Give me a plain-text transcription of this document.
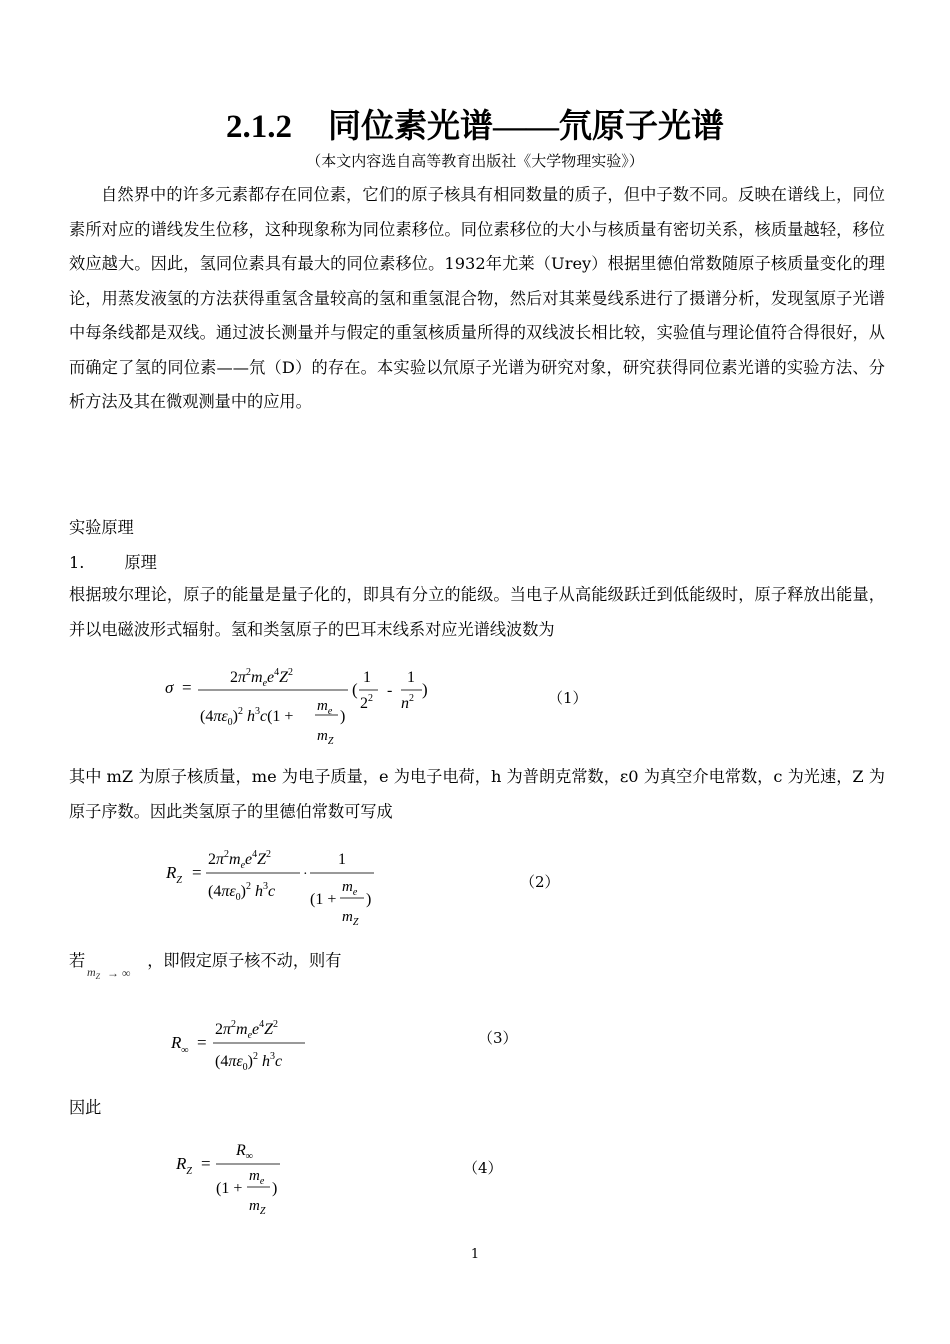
2.1.2 同位素光谱——氘原子光谱
（本文内容选自高等教育出版社《大学物理实验》）
自然界中的许多元素都存在同位素，它们的原子核具有相同数量的质子，但中子数不同。反映在谱线上，同位素所对应的谱线发生位移，这种现象称为同位素移位。同位素移位的大小与核质量有密切关系，核质量越轻，移位效应越大。因此，氢同位素具有最大的同位素移位。1932年尤莱（Urey）根据里德伯常数随原子核质量变化的理论，用蒸发液氢的方法获得重氢含量较高的氢和重氢混合物，然后对其莱曼线系进行了摄谱分析，发现氢原子光谱中每条线都是双线。通过波长测量并与假定的重氢核质量所得的双线波长相比较，实验值与理论值符合得很好，从而确定了氢的同位素——氘（D）的存在。本实验以氘原子光谱为研究对象，研究获得同位素光谱的实验方法、分析方法及其在微观测量中的应用。
实验原理
1. 原理
根据玻尔理论，原子的能量是量子化的，即具有分立的能级。当电子从高能级跃迁到低能级时，原子释放出能量，并以电磁波形式辐射。氢和类氢原子的巴耳末线系对应光谱线波数为
σ =
$2\pi^2m_ee^4Z^2$
$(4\pi\varepsilon_0)^2$ $h^3c(1$ +
$m_e$
$m_Z$
)
(
1
$2^2$ -
1
$n^2$ )	（1）
其中 mZ 为原子核质量，me 为电子质量，e 为电子电荷，h 为普朗克常数，ε0 为真空介电常数，c 为光速，Z 为原子序数。因此类氢原子的里德伯常数可写成
$R_Z$ =
$2\pi^2m_ee^4Z^2$
$(4\pi\varepsilon_0)^2$ $h^3c$
·
1
(1 +
$m_e$
$m_Z$
)
（2）
若
$m_Z$ → ∞
，即假定原子核不动，则有
$R_\infty$ =
$2\pi^2m_ee^4Z^2$
$(4\pi\varepsilon_0)^2$ $h^3c$
（3）
因此
$R_Z$ =
$R_\infty$
(1 +
$m_e$
$m_Z$
)
（4）
1
